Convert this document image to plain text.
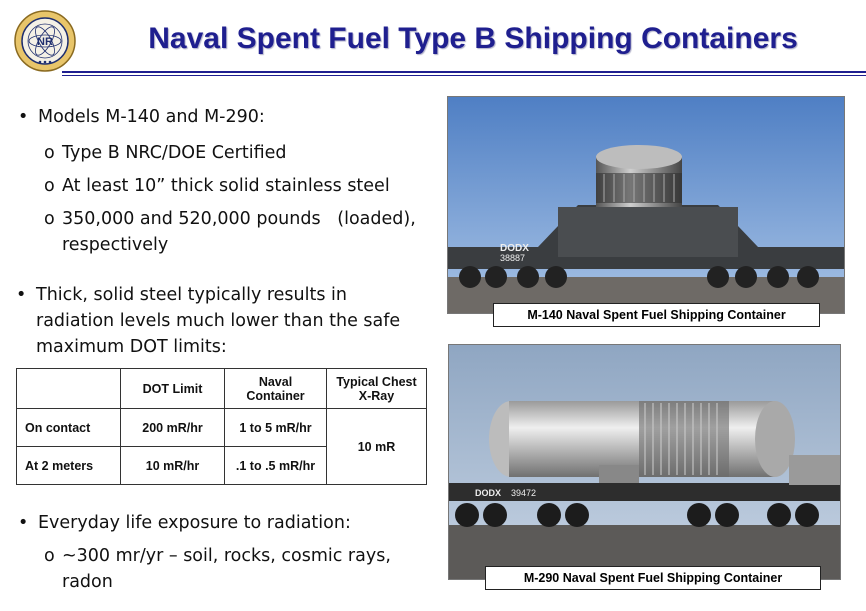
NR	Naval Spent Fuel Type B Shipping Containers
• Models M-140 and M-290:
o Type B NRC/DOE Certified
o At least 10” thick solid stainless steel
o 350,000 and 520,000 pounds   (loaded), respectively
• Thick, solid steel typically results in radiation levels much lower than the safe maximum DOT limits:
	DOT Limit	Naval Container	Typical Chest X-Ray
On contact	200 mR/hr	1 to 5 mR/hr	10 mR
At 2 meters	10 mR/hr	.1 to .5 mR/hr	
• Everyday life exposure to radiation:
o ~300 mr/yr – soil, rocks, cosmic rays, radon
DODX
38887
M-140 Naval Spent Fuel Shipping Container
DODX 39472
M-290 Naval Spent Fuel Shipping Container
